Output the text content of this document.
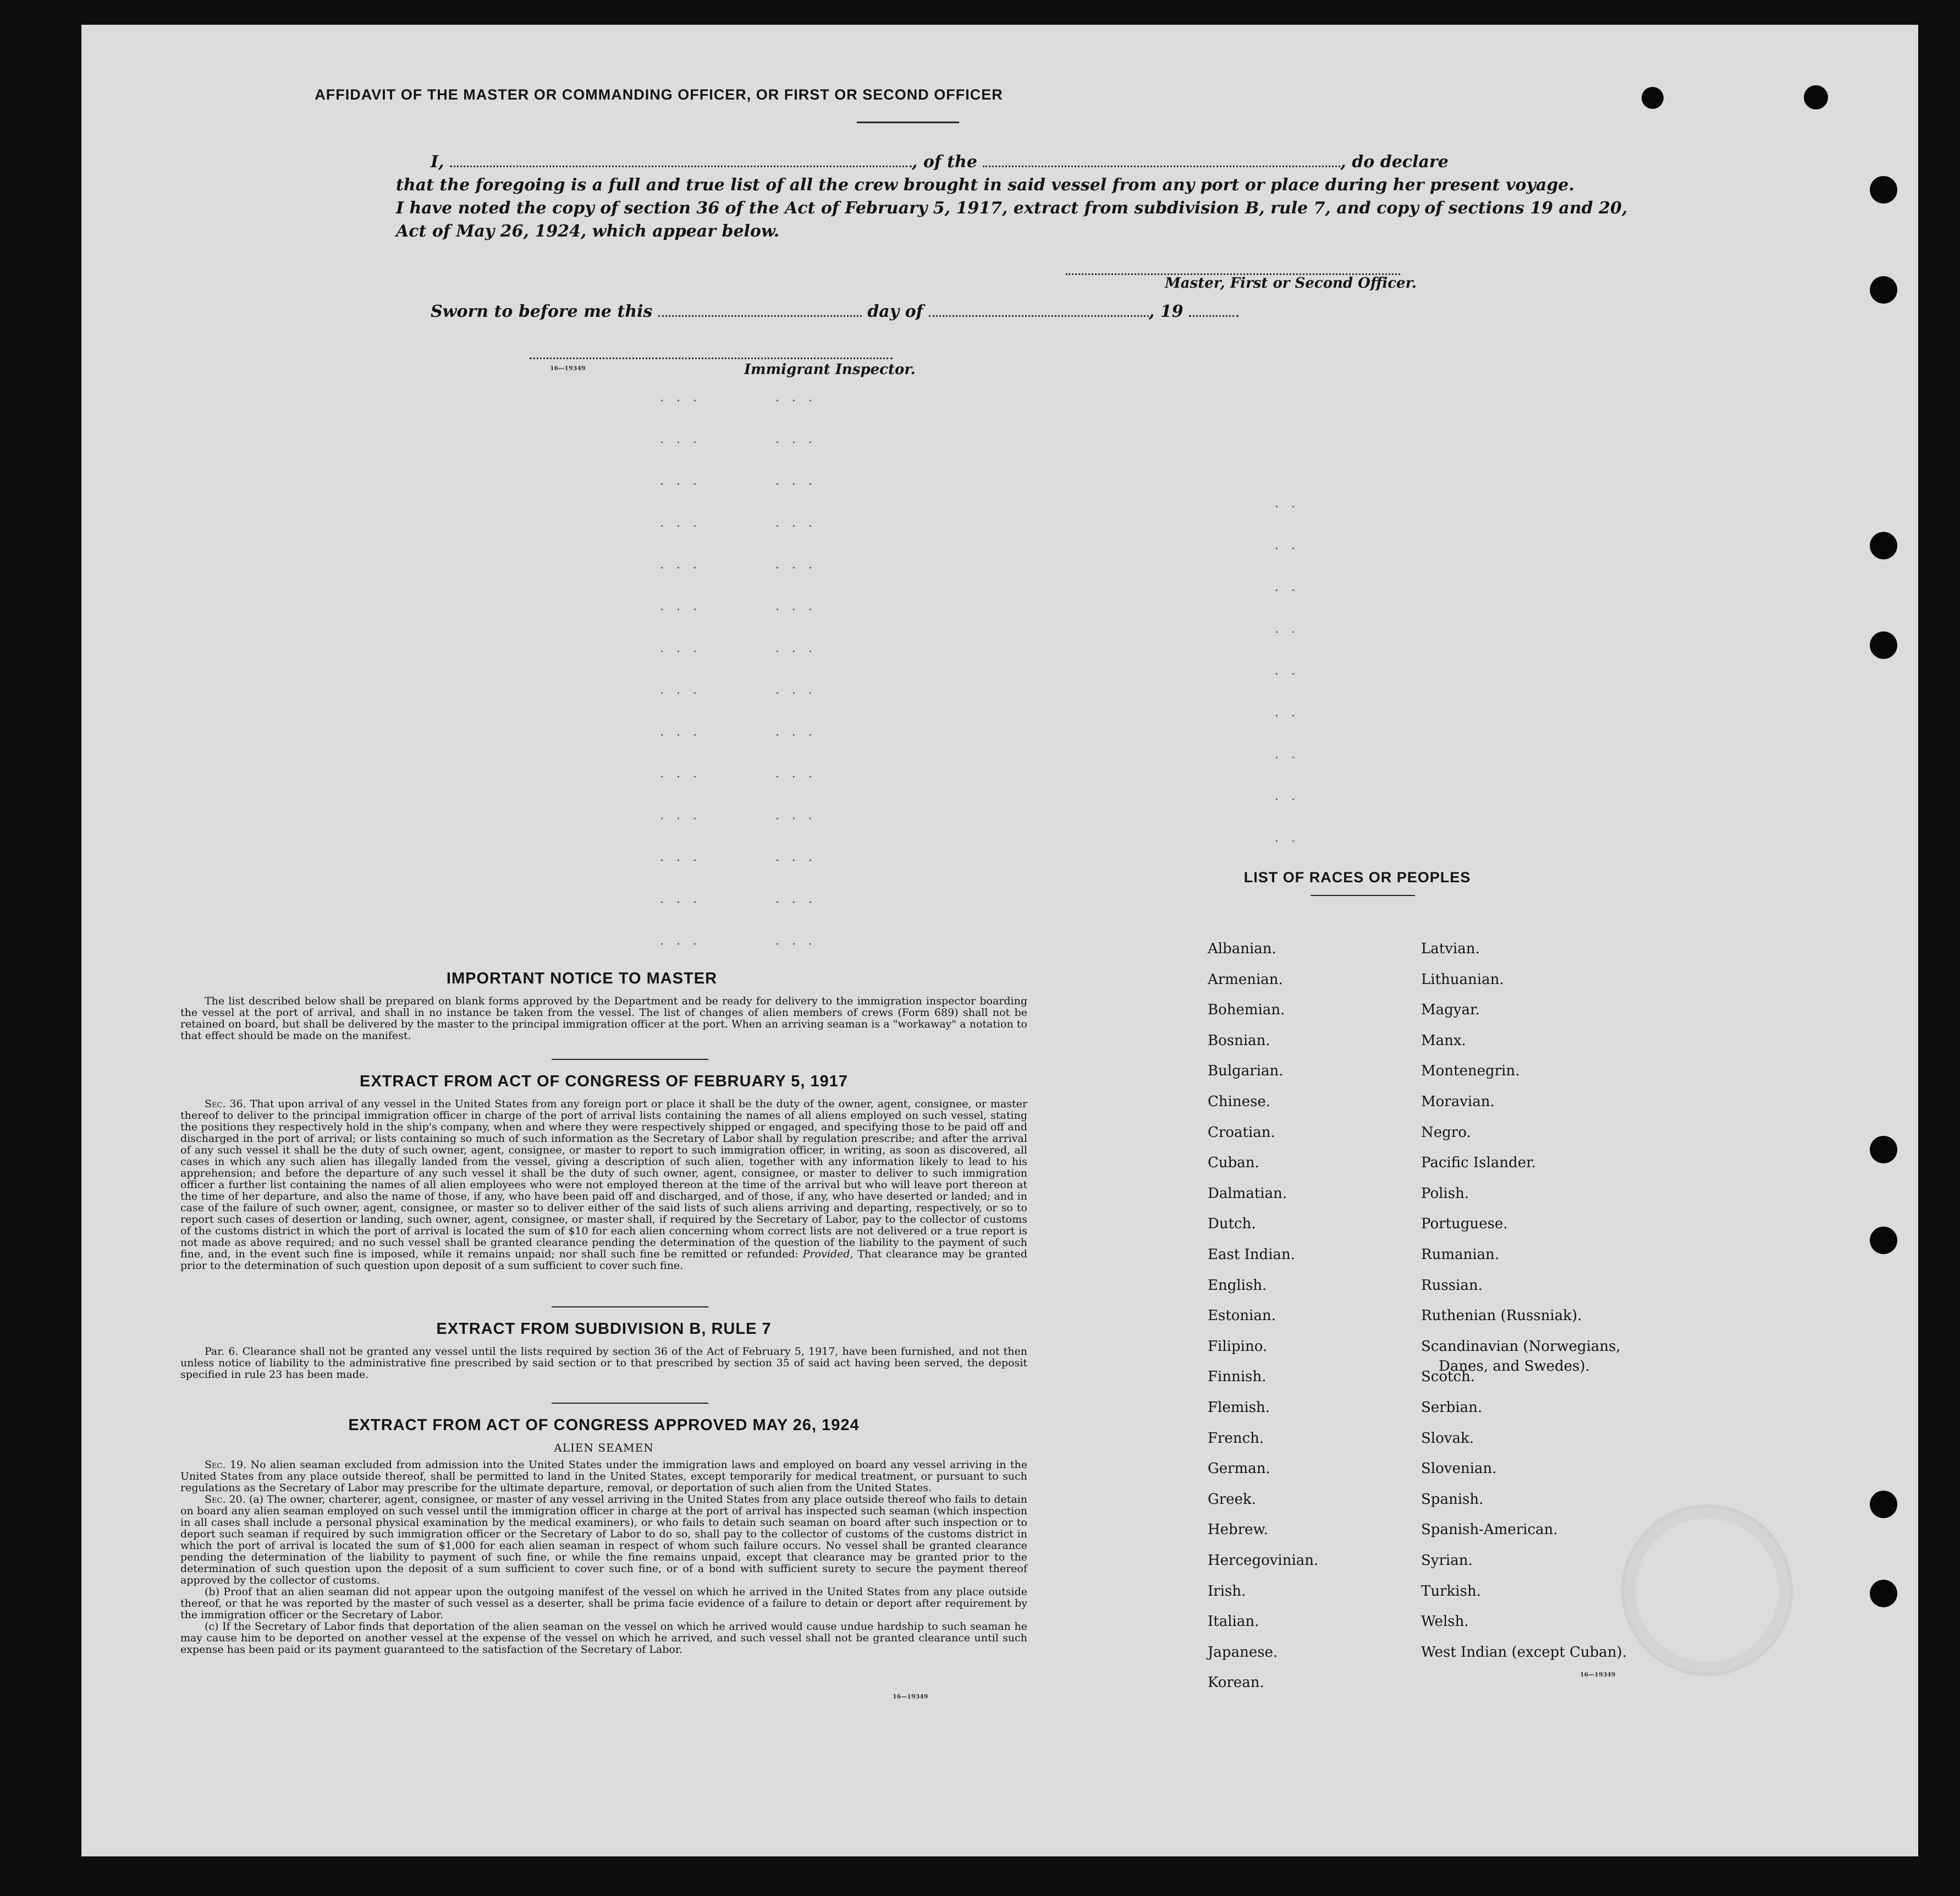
AFFIDAVIT OF THE MASTER OR COMMANDING OFFICER, OR FIRST OR SECOND OFFICER
I,	, of the	, do declare
that the foregoing is a full and true list of all the crew brought in said vessel from any port or place during her present voyage.
I have noted the copy of section 36 of the Act of February 5, 1917, extract from subdivision B, rule 7, and copy of sections 19 and 20,
Act of May 26, 1924, which appear below.
Master, First or Second Officer.
Sworn to before me this	day of	, 19
16—19349	Immigrant Inspector.
· · ·         · · ·
· · ·         · · ·
· · ·         · · ·
· · ·         · · ·
· · ·         · · ·
· · ·         · · ·
· · ·         · · ·
· · ·         · · ·
· · ·         · · ·
· · ·         · · ·
· · ·         · · ·
· · ·         · · ·
· · ·         · · ·
· · ·         · · ·
· ·
· ·
· ·
· ·
· ·
· ·
· ·
· ·
· ·
IMPORTANT NOTICE TO MASTER

The list described below shall be prepared on blank forms approved by the Department and be ready for delivery to the immigration inspector boarding the vessel at the port of arrival, and shall in no instance be taken from the vessel. The list of changes of alien members of crews (Form 689) shall not be retained on board, but shall be delivered by the master to the principal immigration officer at the port. When an arriving seaman is a "workaway" a notation to that effect should be made on the manifest.

EXTRACT FROM ACT OF CONGRESS OF FEBRUARY 5, 1917

Sec. 36. That upon arrival of any vessel in the United States from any foreign port or place it shall be the duty of the owner, agent, consignee, or master thereof to deliver to the principal immigration officer in charge of the port of arrival lists containing the names of all aliens employed on such vessel, stating the positions they respectively hold in the ship's company, when and where they were respectively shipped or engaged, and specifying those to be paid off and discharged in the port of arrival; or lists containing so much of such information as the Secretary of Labor shall by regulation prescribe; and after the arrival of any such vessel it shall be the duty of such owner, agent, consignee, or master to report to such immigration officer, in writing, as soon as discovered, all cases in which any such alien has illegally landed from the vessel, giving a description of such alien, together with any information likely to lead to his apprehension; and before the departure of any such vessel it shall be the duty of such owner, agent, consignee, or master to deliver to such immigration officer a further list containing the names of all alien employees who were not employed thereon at the time of the arrival but who will leave port thereon at the time of her departure, and also the name of those, if any, who have been paid off and discharged, and of those, if any, who have deserted or landed; and in case of the failure of such owner, agent, consignee, or master so to deliver either of the said lists of such aliens arriving and departing, respectively, or so to report such cases of desertion or landing, such owner, agent, consignee, or master shall, if required by the Secretary of Labor, pay to the collector of customs of the customs district in which the port of arrival is located the sum of $10 for each alien concerning whom correct lists are not delivered or a true report is not made as above required; and no such vessel shall be granted clearance pending the determination of the question of the liability to the payment of such fine, and, in the event such fine is imposed, while it remains unpaid; nor shall such fine be remitted or refunded: Provided, That clearance may be granted prior to the determination of such question upon deposit of a sum sufficient to cover such fine.

EXTRACT FROM SUBDIVISION B, RULE 7

Par. 6. Clearance shall not be granted any vessel until the lists required by section 36 of the Act of February 5, 1917, have been furnished, and not then unless notice of liability to the administrative fine prescribed by said section or to that prescribed by section 35 of said act having been served, the deposit specified in rule 23 has been made.

EXTRACT FROM ACT OF CONGRESS APPROVED MAY 26, 1924
ALIEN SEAMEN

Sec. 19. No alien seaman excluded from admission into the United States under the immigration laws and employed on board any vessel arriving in the United States from any place outside thereof, shall be permitted to land in the United States, except temporarily for medical treatment, or pursuant to such regulations as the Secretary of Labor may prescribe for the ultimate departure, removal, or deportation of such alien from the United States.

Sec. 20. (a) The owner, charterer, agent, consignee, or master of any vessel arriving in the United States from any place outside thereof who fails to detain on board any alien seaman employed on such vessel until the immigration officer in charge at the port of arrival has inspected such seaman (which inspection in all cases shall include a personal physical examination by the medical examiners), or who fails to detain such seaman on board after such inspection or to deport such seaman if required by such immigration officer or the Secretary of Labor to do so, shall pay to the collector of customs of the customs district in which the port of arrival is located the sum of $1,000 for each alien seaman in respect of whom such failure occurs. No vessel shall be granted clearance pending the determination of the liability to payment of such fine, or while the fine remains unpaid, except that clearance may be granted prior to the determination of such question upon the deposit of a sum sufficient to cover such fine, or of a bond with sufficient surety to secure the payment thereof approved by the collector of customs.

(b) Proof that an alien seaman did not appear upon the outgoing manifest of the vessel on which he arrived in the United States from any place outside thereof, or that he was reported by the master of such vessel as a deserter, shall be prima facie evidence of a failure to detain or deport after requirement by the immigration officer or the Secretary of Labor.

(c) If the Secretary of Labor finds that deportation of the alien seaman on the vessel on which he arrived would cause undue hardship to such seaman he may cause him to be deported on another vessel at the expense of the vessel on which he arrived, and such vessel shall not be granted clearance until such expense has been paid or its payment guaranteed to the satisfaction of the Secretary of Labor.

16—19349
LIST OF RACES OR PEOPLES
Albanian.
Armenian.
Bohemian.
Bosnian.
Bulgarian.
Chinese.
Croatian.
Cuban.
Dalmatian.
Dutch.
East Indian.
English.
Estonian.
Filipino.
Finnish.
Flemish.
French.
German.
Greek.
Hebrew.
Hercegovinian.
Irish.
Italian.
Japanese.
Korean.
Latvian.
Lithuanian.
Magyar.
Manx.
Montenegrin.
Moravian.
Negro.
Pacific Islander.
Polish.
Portuguese.
Rumanian.
Russian.
Ruthenian (Russniak).
Scandinavian (Norwegians,
Danes, and Swedes).
Scotch.
Serbian.
Slovak.
Slovenian.
Spanish.
Spanish-American.
Syrian.
Turkish.
Welsh.
West Indian (except Cuban).
16—19349
